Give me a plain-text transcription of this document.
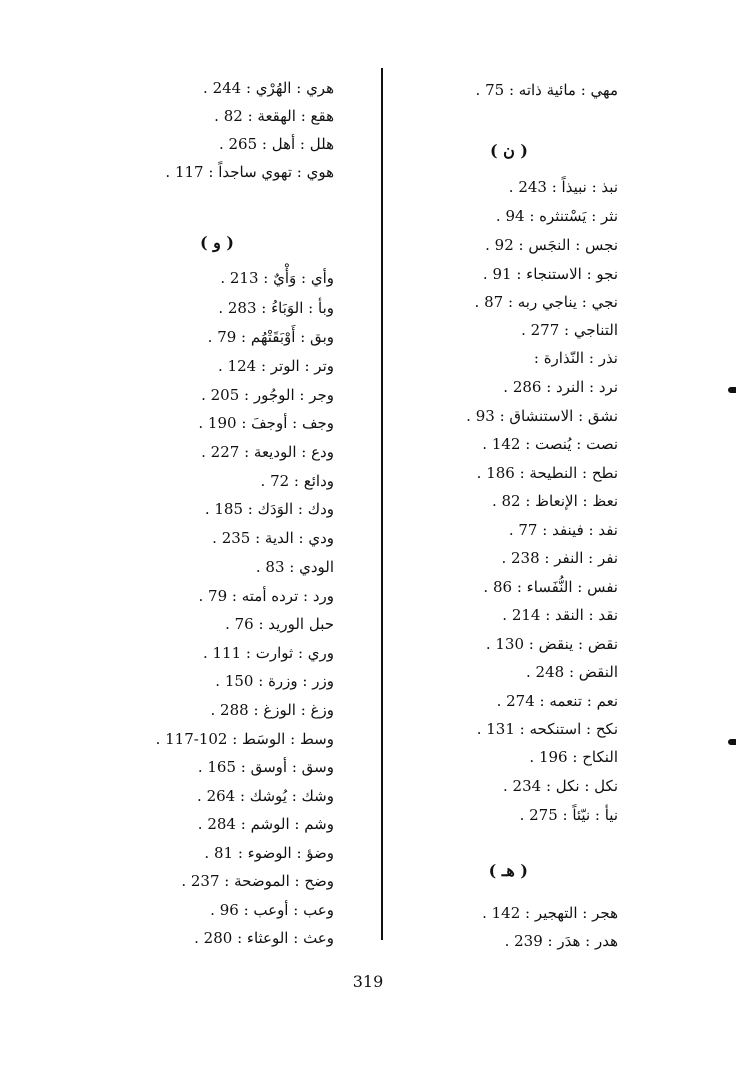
مهي : مائية ذاته : 75 .
( ن )
نبذ : نبيذاً : 243 .
نثر : يَسْتنثره : 94 .
نجس : النجَس : 92 .
نجو : الاستنجاء : 91 .
نجي : يناجي ربه : 87 .
التناجي : 277 .
نذر : النّذارة :
نرد : النرد : 286 .
نشق : الاستنشاق : 93 .
نصت : يُنصت : 142 .
نطح : النطيحة : 186 .
نعظ : الإنعاظ : 82 .
نفد : فينفد : 77 .
نفر : النفر : 238 .
نفس : النُّفَساء : 86 .
نقد : النقد : 214 .
نقض : ينقض : 130 .
النقض : 248 .
نعم : تنعمه : 274 .
نكح : استنكحه : 131 .
النكاح : 196 .
نكل : نكل : 234 .
نيأ : نيّئاً : 275 .
( هـ )
هجر : التهجير : 142 .
هدر : هدَر : 239 .
هري : الهُرْي : 244 .
هقع : الهقعة : 82 .
هلل : أهل : 265 .
هوي : تهوي ساجداً : 117 .
( و )
وأي : وَأْيٌ : 213 .
وبأ : الوَبَاءُ : 283 .
وبق : أَوْبَقَتْهُم : 79 .
وتر : الوتر : 124 .
وجر : الوجُور : 205 .
وجف : أوجفَ : 190 .
ودع : الوديعة : 227 .
ودائع : 72 .
ودك : الوَدَك : 185 .
ودي : الدية : 235 .
الودي : 83 .
ورد : ترده أمته : 79 .
حبل الوريد : 76 .
وري : ثوارت : 111 .
وزر : وزرة : 150 .
وزغ : الوزغ : 288 .
وسط : الوسَط : 102-117 .
وسق : أوسق : 165 .
وشك : يُوشك : 264 .
وشم : الوشم : 284 .
وضؤ : الوضوء : 81 .
وضح : الموضحة : 237 .
وعب : أوعب : 96 .
وعث : الوعثاء : 280 .
319
